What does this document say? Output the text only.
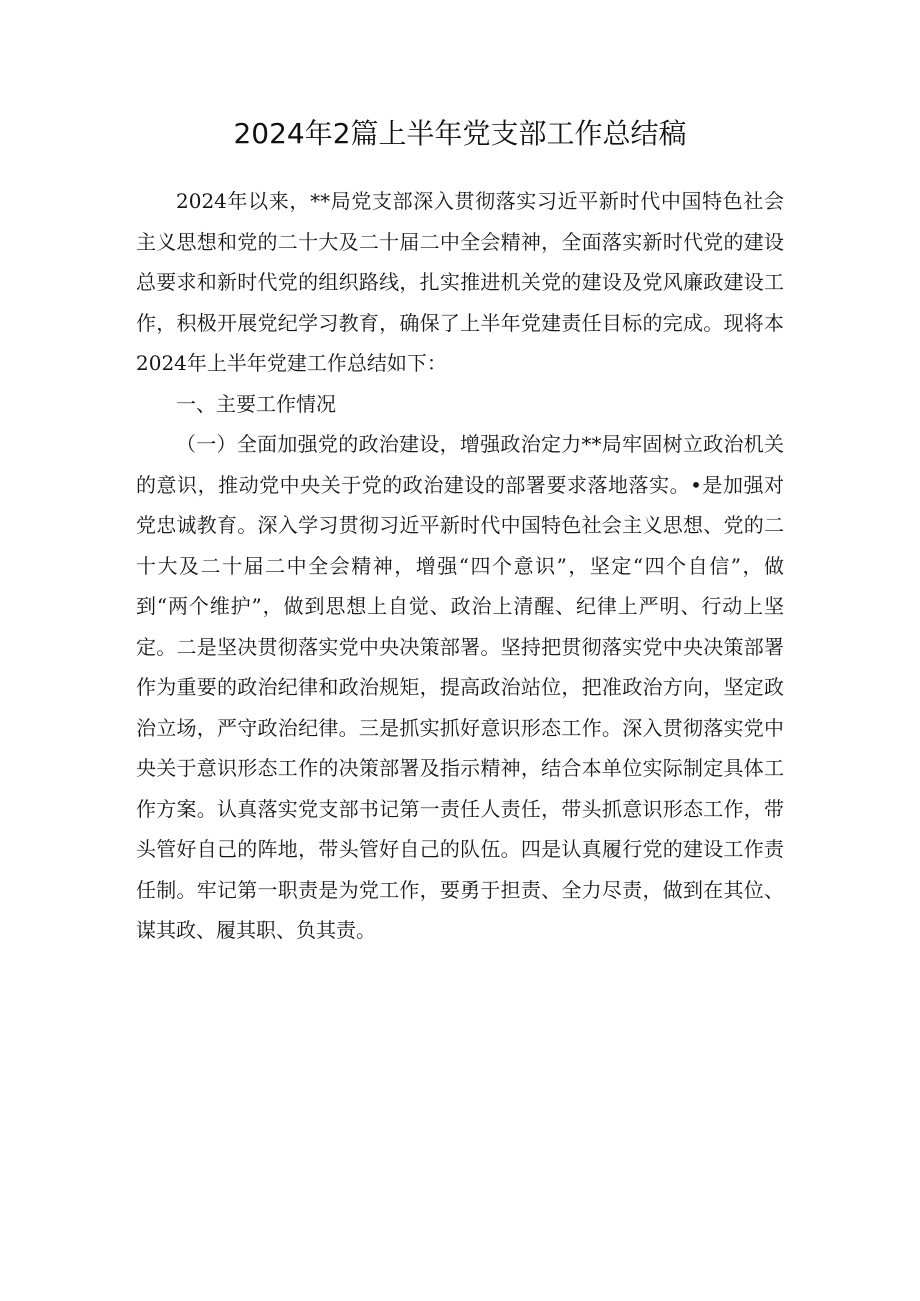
2024年2篇上半年党支部工作总结稿

2024年以来，**局党支部深入贯彻落实习近平新时代中国特色社会主义思想和党的二十大及二十届二中全会精神，全面落实新时代党的建设总要求和新时代党的组织路线，扎实推进机关党的建设及党风廉政建设工作，积极开展党纪学习教育，确保了上半年党建责任目标的完成。现将本2024年上半年党建工作总结如下：

一、主要工作情况

（一）全面加强党的政治建设，增强政治定力**局牢固树立政治机关的意识，推动党中央关于党的政治建设的部署要求落地落实。•是加强对党忠诚教育。深入学习贯彻习近平新时代中国特色社会主义思想、党的二十大及二十届二中全会精神，增强“四个意识”，坚定“四个自信”，做到“两个维护”，做到思想上自觉、政治上清醒、纪律上严明、行动上坚定。二是坚决贯彻落实党中央决策部署。坚持把贯彻落实党中央决策部署作为重要的政治纪律和政治规矩，提高政治站位，把准政治方向，坚定政治立场，严守政治纪律。三是抓实抓好意识形态工作。深入贯彻落实党中央关于意识形态工作的决策部署及指示精神，结合本单位实际制定具体工作方案。认真落实党支部书记第一责任人责任，带头抓意识形态工作，带头管好自己的阵地，带头管好自己的队伍。四是认真履行党的建设工作责任制。牢记第一职责是为党工作，要勇于担责、全力尽责，做到在其位、谋其政、履其职、负其责。
